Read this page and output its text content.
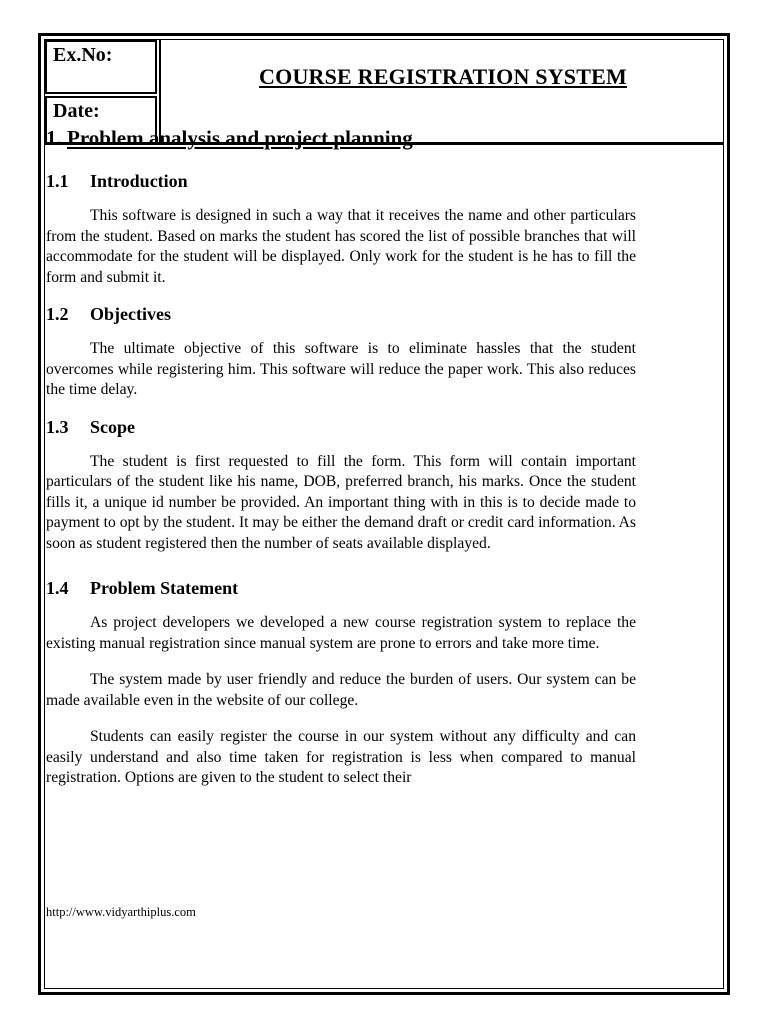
Ex.No:
Date:
COURSE REGISTRATION SYSTEM
1. Problem analysis and project planning
1.1 Introduction

This software is designed in such a way that it receives the name and other particulars from the student. Based on marks the student has scored the list of possible branches that will accommodate for the student will be displayed. Only work for the student is he has to fill the form and submit it.

1.2 Objectives

The ultimate objective of this software is to eliminate hassles that the student overcomes while registering him. This software will reduce the paper work. This also reduces the time delay.

1.3 Scope

The student is first requested to fill the form. This form will contain important particulars of the student like his name, DOB, preferred branch, his marks. Once the student fills it, a unique id number be provided. An important thing with in this is to decide made to payment to opt by the student. It may be either the demand draft or credit card information. As soon as student registered then the number of seats available displayed.

1.4 Problem Statement

As project developers we developed a new course registration system to replace the existing manual registration since manual system are prone to errors and take more time.

The system made by user friendly and reduce the burden of users. Our system can be made available even in the website of our college.

Students can easily register the course in our system without any difficulty and can easily understand and also time taken for registration is less when compared to manual registration. Options are given to the student to select their

http://www.vidyarthiplus.com
